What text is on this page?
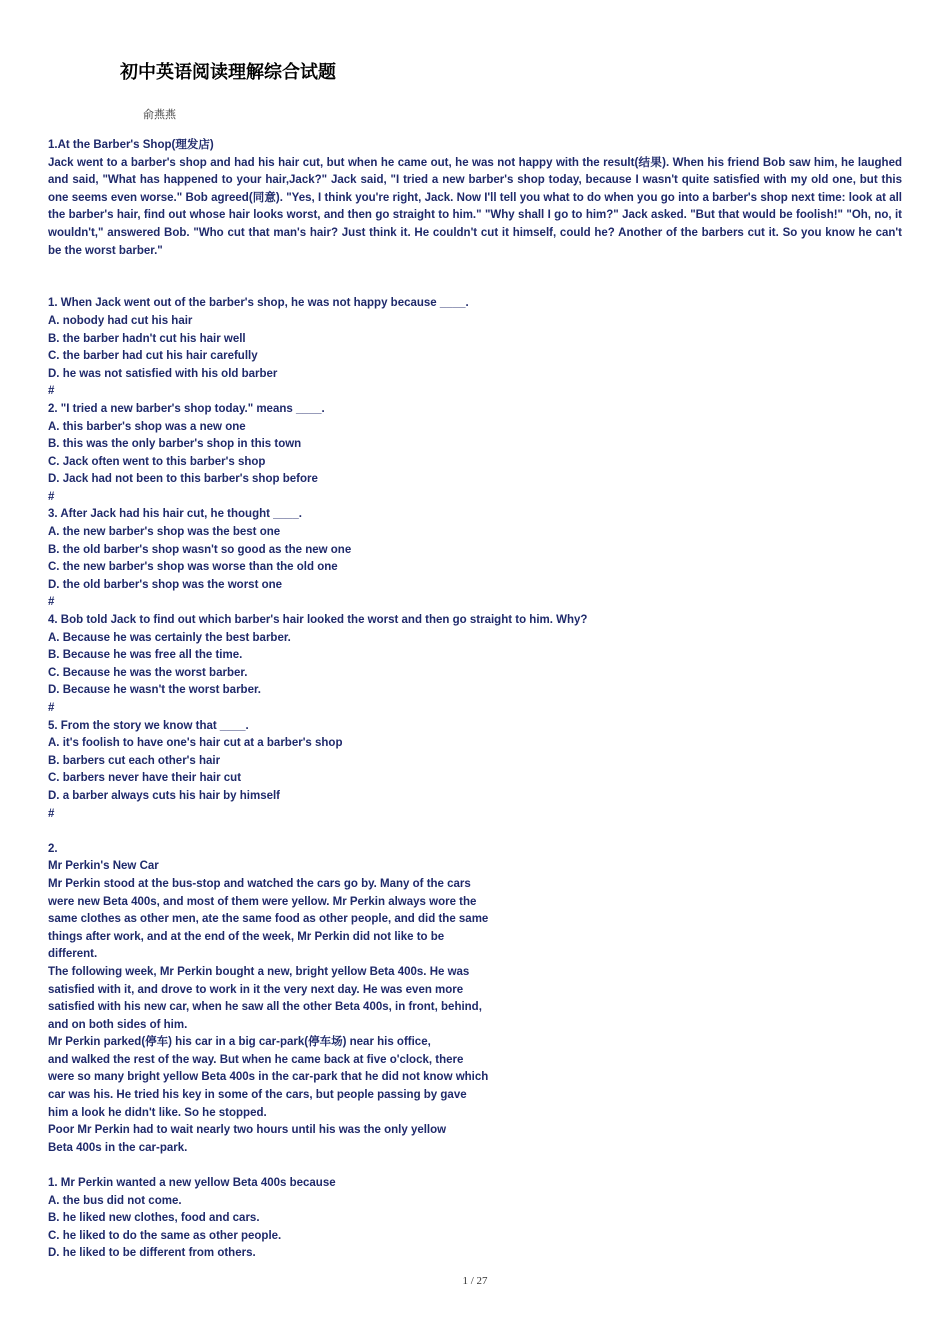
初中英语阅读理解综合试题
俞燕燕
1.At the Barber's Shop(理发店)
Jack went to a barber's shop and had his hair cut, but when he came out, he was not happy with the result(结果). When his friend Bob saw him, he laughed and said, "What has happened to your hair,Jack?" Jack said, "I tried a new barber's shop today, because I wasn't quite satisfied with my old one, but this one seems even worse." Bob agreed(同意). "Yes, I think you're right, Jack. Now I'll tell you what to do when you go into a barber's shop next time: look at all the barber's hair, find out whose hair looks worst, and then go straight to him." "Why shall I go to him?" Jack asked. "But that would be foolish!" "Oh, no, it wouldn't," answered Bob. "Who cut that man's hair? Just think it. He couldn't cut it himself, could he? Another of the barbers cut it. So you know he can't be the worst barber."
1. When Jack went out of the barber's shop, he was not happy because ____.
A. nobody had cut his hair
B. the barber hadn't cut his hair well
C. the barber had cut his hair carefully
D. he was not satisfied with his old barber
#
2. "I tried a new barber's shop today." means ____.
A. this barber's shop was a new one
B. this was the only barber's shop in this town
C. Jack often went to this barber's shop
D. Jack had not been to this barber's shop before
#
3. After Jack had his hair cut, he thought ____.
A. the new barber's shop was the best one
B. the old barber's shop wasn't so good as the new one
C. the new barber's shop was worse than the old one
D. the old barber's shop was the worst one
#
4. Bob told Jack to find out which barber's hair looked the worst and then go straight to him. Why?
A. Because he was certainly the best barber.
B. Because he was free all the time.
C. Because he was the worst barber.
D. Because he wasn't the worst barber.
#
5. From the story we know that ____.
A. it's foolish to have one's hair cut at a barber's shop
B. barbers cut each other's hair
C. barbers never have their hair cut
D. a barber always cuts his hair by himself
#
2.
Mr Perkin's New Car
Mr Perkin stood at the bus-stop and watched the cars go by. Many of the cars
were new Beta 400s, and most of them were yellow. Mr Perkin always wore the
same clothes as other men, ate the same food as other people, and did the same
things after work, and at the end of the week, Mr Perkin did not like to be
different.
The following week, Mr Perkin bought a new, bright yellow Beta 400s. He was
satisfied with it, and drove to work in it the very next day. He was even more
satisfied with his new car, when he saw all the other Beta 400s, in front, behind,
and on both sides of him.
Mr Perkin parked(停车) his car in a big car-park(停车场) near his office,
and walked the rest of the way. But when he came back at five o'clock, there
were so many bright yellow Beta 400s in the car-park that he did not know which
car was his. He tried his key in some of the cars, but people passing by gave
him a look he didn't like. So he stopped.
Poor Mr Perkin had to wait nearly two hours until his was the only yellow
Beta 400s in the car-park.
1. Mr Perkin wanted a new yellow Beta 400s because
A. the bus did not come.
B. he liked new clothes, food and cars.
C. he liked to do the same as other people.
D. he liked to be different from others.
1 / 27
